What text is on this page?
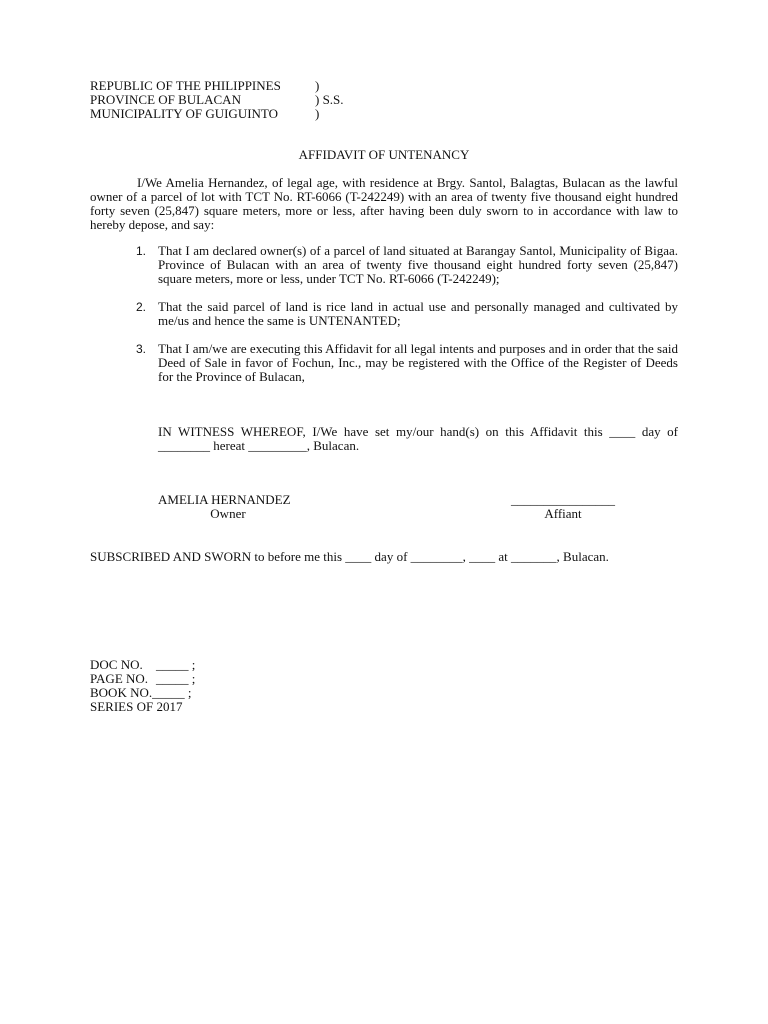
REPUBLIC OF THE PHILIPPINES	)
PROVINCE OF BULACAN	) S.S.
MUNICIPALITY OF GUIGUINTO	)
AFFIDAVIT OF UNTENANCY
I/We Amelia Hernandez, of legal age, with residence at Brgy. Santol, Balagtas, Bulacan as the lawful owner of a parcel of lot with TCT No. RT-6066 (T-242249) with an area of twenty five thousand eight hundred forty seven (25,847) square meters, more or less, after having been duly sworn to in accordance with law to hereby depose, and say:
1. That I am declared owner(s) of a parcel of land situated at Barangay Santol, Municipality of Bigaa. Province of Bulacan with an area of twenty five thousand eight hundred forty seven (25,847) square meters, more or less, under TCT No. RT-6066 (T-242249);
2. That the said parcel of land is rice land in actual use and personally managed and cultivated by me/us and hence the same is UNTENANTED;
3. That I am/we are executing this Affidavit for all legal intents and purposes and in order that the said Deed of Sale in favor of Fochun, Inc., may be registered with the Office of the Register of Deeds for the Province of Bulacan,
IN WITNESS WHEREOF, I/We have set my/our hand(s) on this Affidavit this ____ day of ________ hereat _________, Bulacan.
AMELIA HERNANDEZ
Owner
________________
Affiant
SUBSCRIBED AND SWORN to before me this ____ day of ________, ____ at _______, Bulacan.
DOC NO. _____ ;
PAGE NO. _____ ;
BOOK NO._____ ;
SERIES OF 2017
